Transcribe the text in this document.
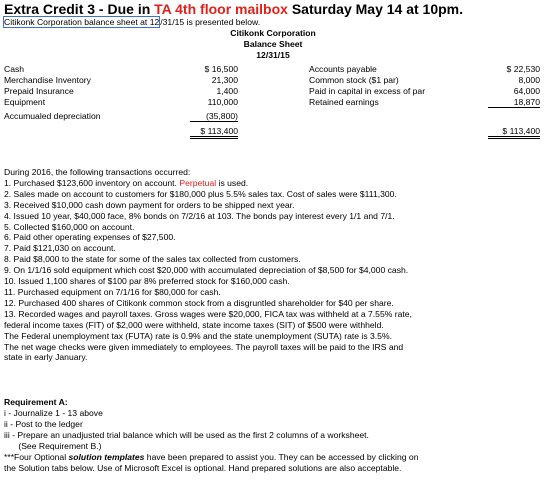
Extra Credit 3 - Due in TA 4th floor mailbox Saturday May 14 at 10pm.
Citikonk Corporation balance sheet at 12/31/15 is presented below.
Citikonk Corporation
Balance Sheet
12/31/15
Cash
Merchandise Inventory
Prepaid Insurance
Equipment
Accumualed depreciation
$ 16,500
21,300
1,400
110,000
(35,800)
$ 113,400
Accounts payable
Common stock ($1 par)
Paid in capital in excess of par
Retained earnings
$ 22,530
8,000
64,000
18,870
$ 113,400
During 2016, the following transactions occurred:
1. Purchased $123,600 inventory on account. Perpetual is used.
2. Sales made on account to customers for $180,000 plus 5.5% sales tax. Cost of sales were $111,300.
3. Received $10,000 cash down payment for orders to be shipped next year.
4. Issued 10 year, $40,000 face, 8% bonds on 7/2/16 at 103. The bonds pay interest every 1/1 and 7/1.
5. Collected $160,000 on account.
6. Paid other operating expenses of $27,500.
7. Paid $121,030 on account.
8. Paid $8,000 to the state for some of the sales tax collected from customers.
9. On 1/1/16 sold equipment which cost $20,000 with accumulated depreciation of $8,500 for $4,000 cash.
10. Issued 1,100 shares of $100 par 8% preferred stock for $160,000 cash.
11. Purchased equipment on 7/1/16 for $80,000 for cash.
12. Purchased 400 shares of Citikonk common stock from a disgruntled shareholder for $40 per share.
13. Recorded wages and payroll taxes. Gross wages were $20,000, FICA tax was withheld at a 7.55% rate,
federal income taxes (FIT) of $2,000 were withheld, state income taxes (SIT) of $500 were withheld.
The Federal unemployment tax (FUTA) rate is 0.9% and the state unemployment (SUTA) rate is 3.5%.
The net wage checks were given immediately to employees. The payroll taxes will be paid to the IRS and
state in early January.
Requirement A:
i - Journalize 1 - 13 above
ii - Post to the ledger
iii - Prepare an unadjusted trial balance which will be used as the first 2 columns of a worksheet.
(See Requirement B.)
***Four Optional solution templates have been prepared to assist you. They can be accessed by clicking on
the Solution tabs below. Use of Microsoft Excel is optional. Hand prepared solutions are also acceptable.
